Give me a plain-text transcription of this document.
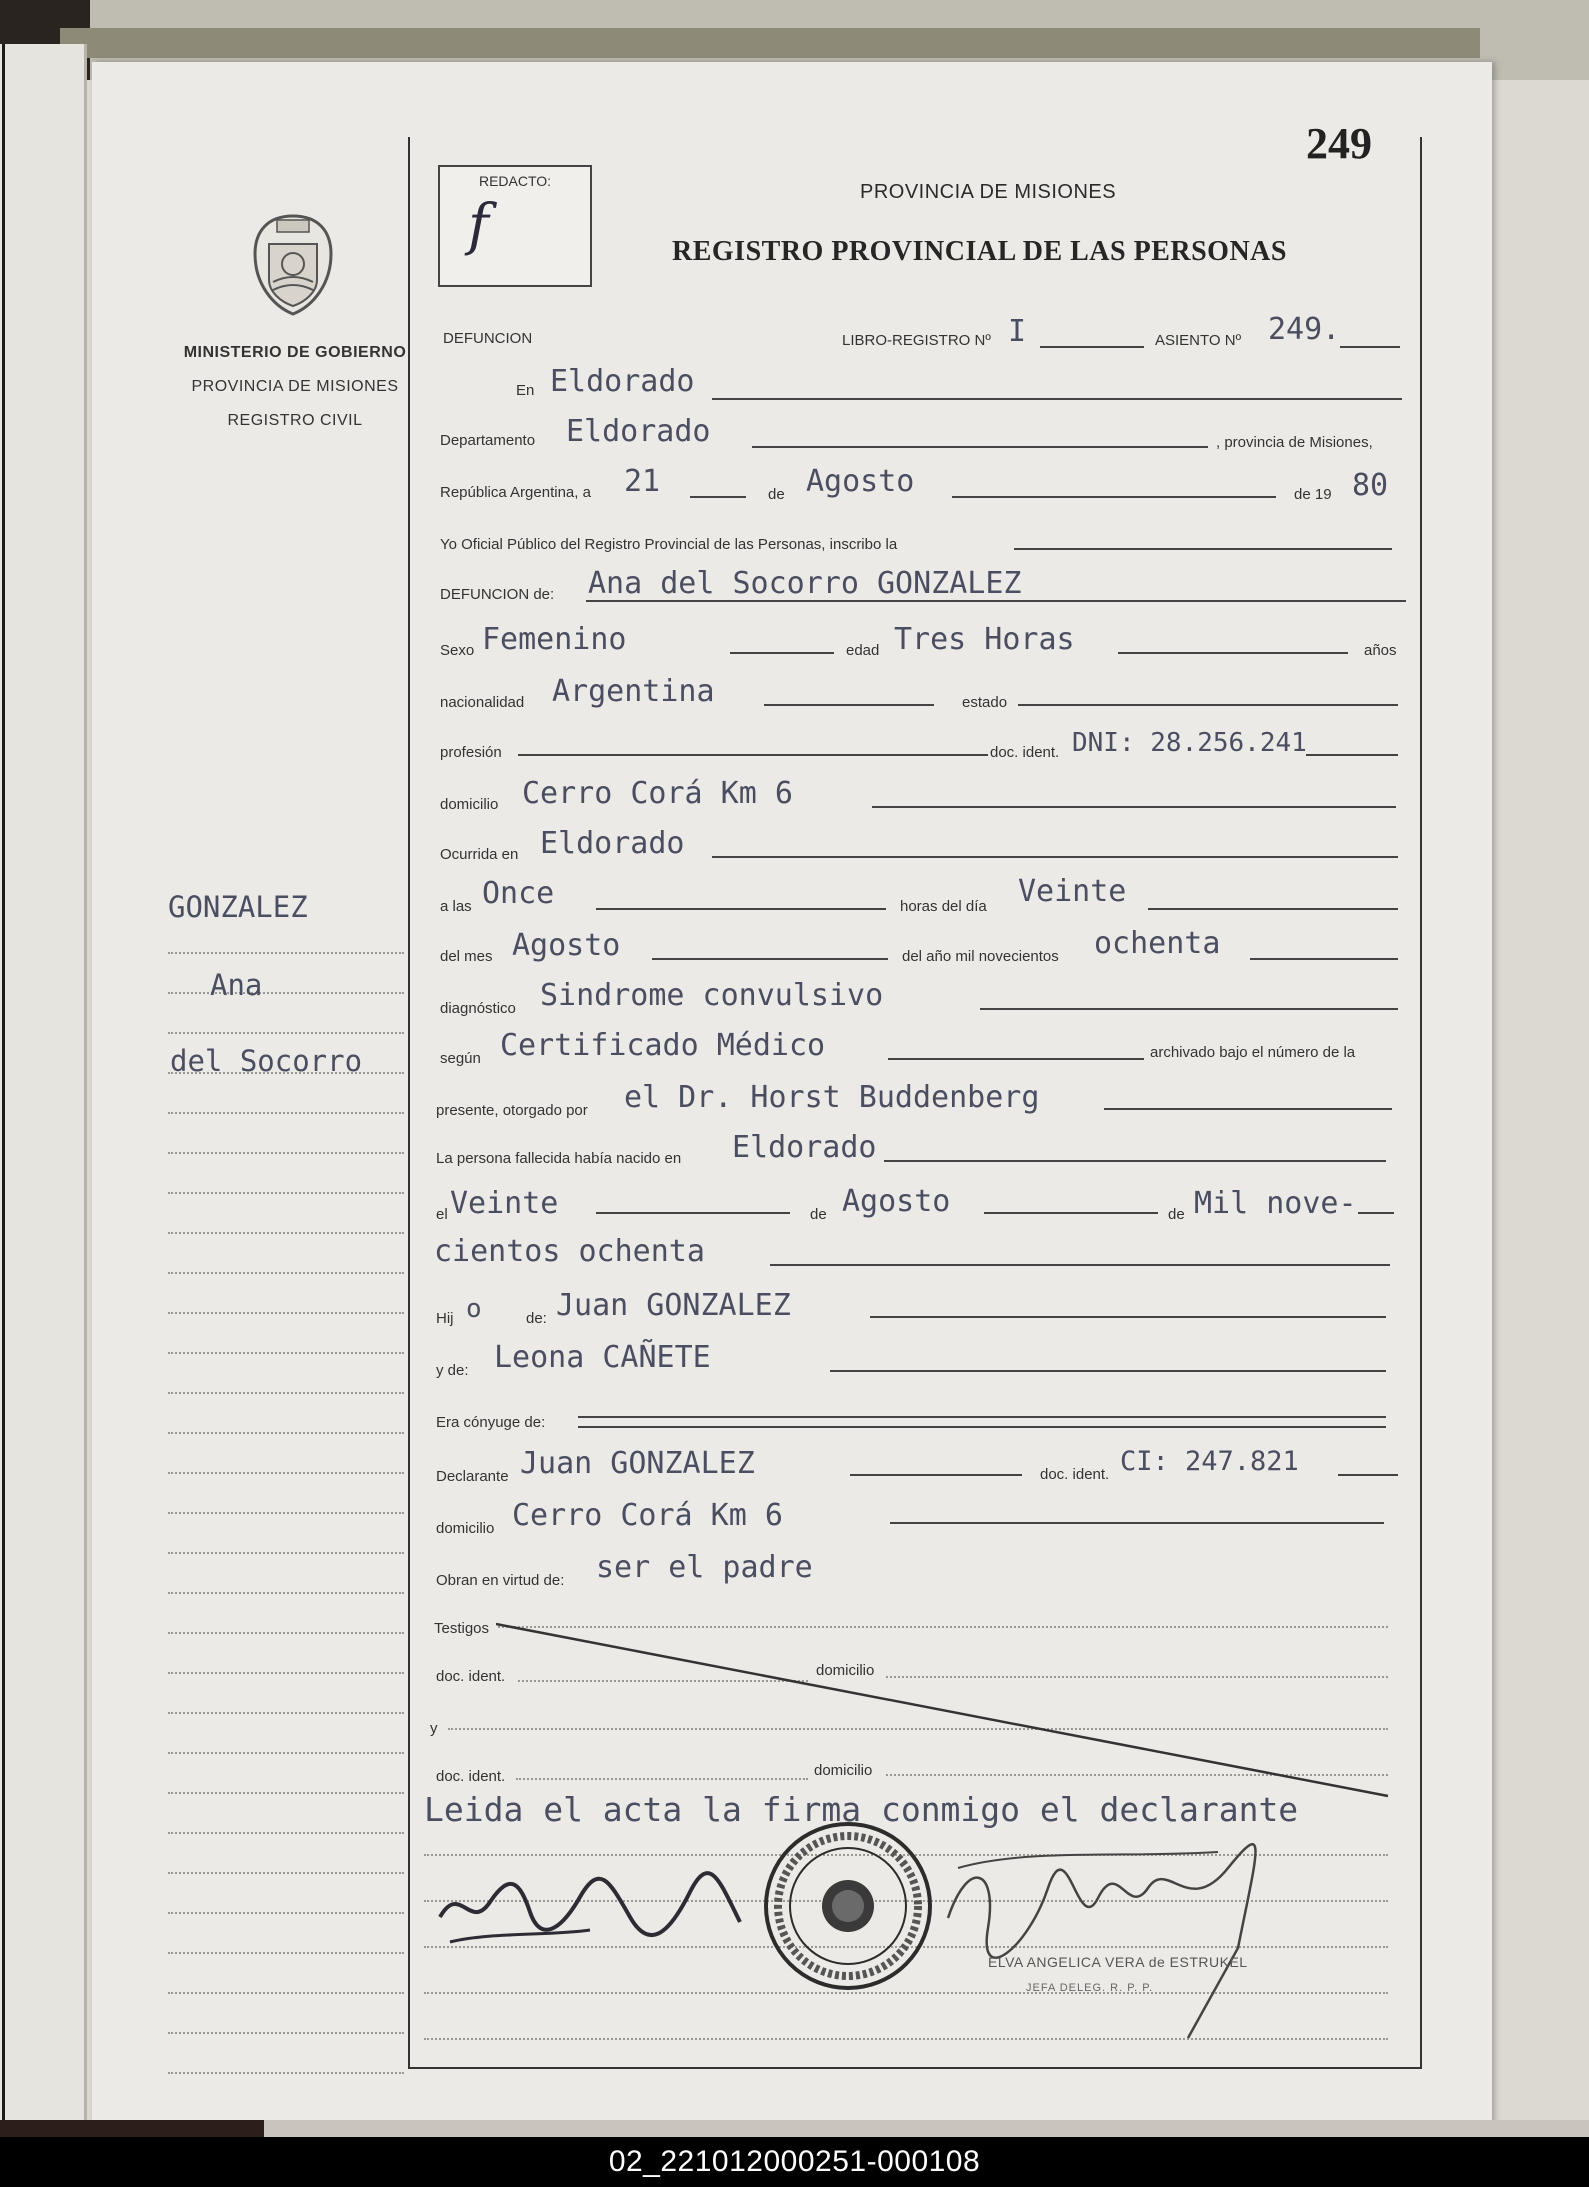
249
REDACTO:
f
PROVINCIA DE MISIONES
REGISTRO PROVINCIAL DE LAS PERSONAS
MINISTERIO DE GOBIERNO
PROVINCIA DE MISIONES
REGISTRO CIVIL
GONZALEZ
Ana
del Socorro
DEFUNCION	LIBRO-REGISTRO Nº I	ASIENTO Nº 249.
En Eldorado
Departamento Eldorado	, provincia de Misiones,
República Argentina, a 21	de Agosto	de 19 80
Yo Oficial Público del Registro Provincial de las Personas, inscribo la
DEFUNCION de: Ana del Socorro GONZALEZ
Sexo Femenino	edad Tres Horas	años
nacionalidad Argentina	estado
profesión	doc. ident. DNI: 28.256.241
domicilio Cerro Corá Km 6
Ocurrida en Eldorado
a las Once	horas del día Veinte
del mes Agosto	del año mil novecientos ochenta
diagnóstico Sindrome convulsivo
según Certificado Médico	archivado bajo el número de la
presente, otorgado por el Dr. Horst Buddenberg
La persona fallecida había nacido en Eldorado
el Veinte	de Agosto	de Mil nove-
cientos ochenta
Hij o	de: Juan GONZALEZ
y de: Leona CAÑETE
Era cónyuge de:
Declarante Juan GONZALEZ	doc. ident. CI: 247.821
domicilio Cerro Corá Km 6
Obran en virtud de: ser el padre
Testigos
doc. ident.	domicilio
y
doc. ident.	domicilio
Leida el acta la firma conmigo el declarante
ELVA ANGELICA VERA de ESTRUKEL
JEFA DELEG. R. P. P.
02_221012000251-000108
